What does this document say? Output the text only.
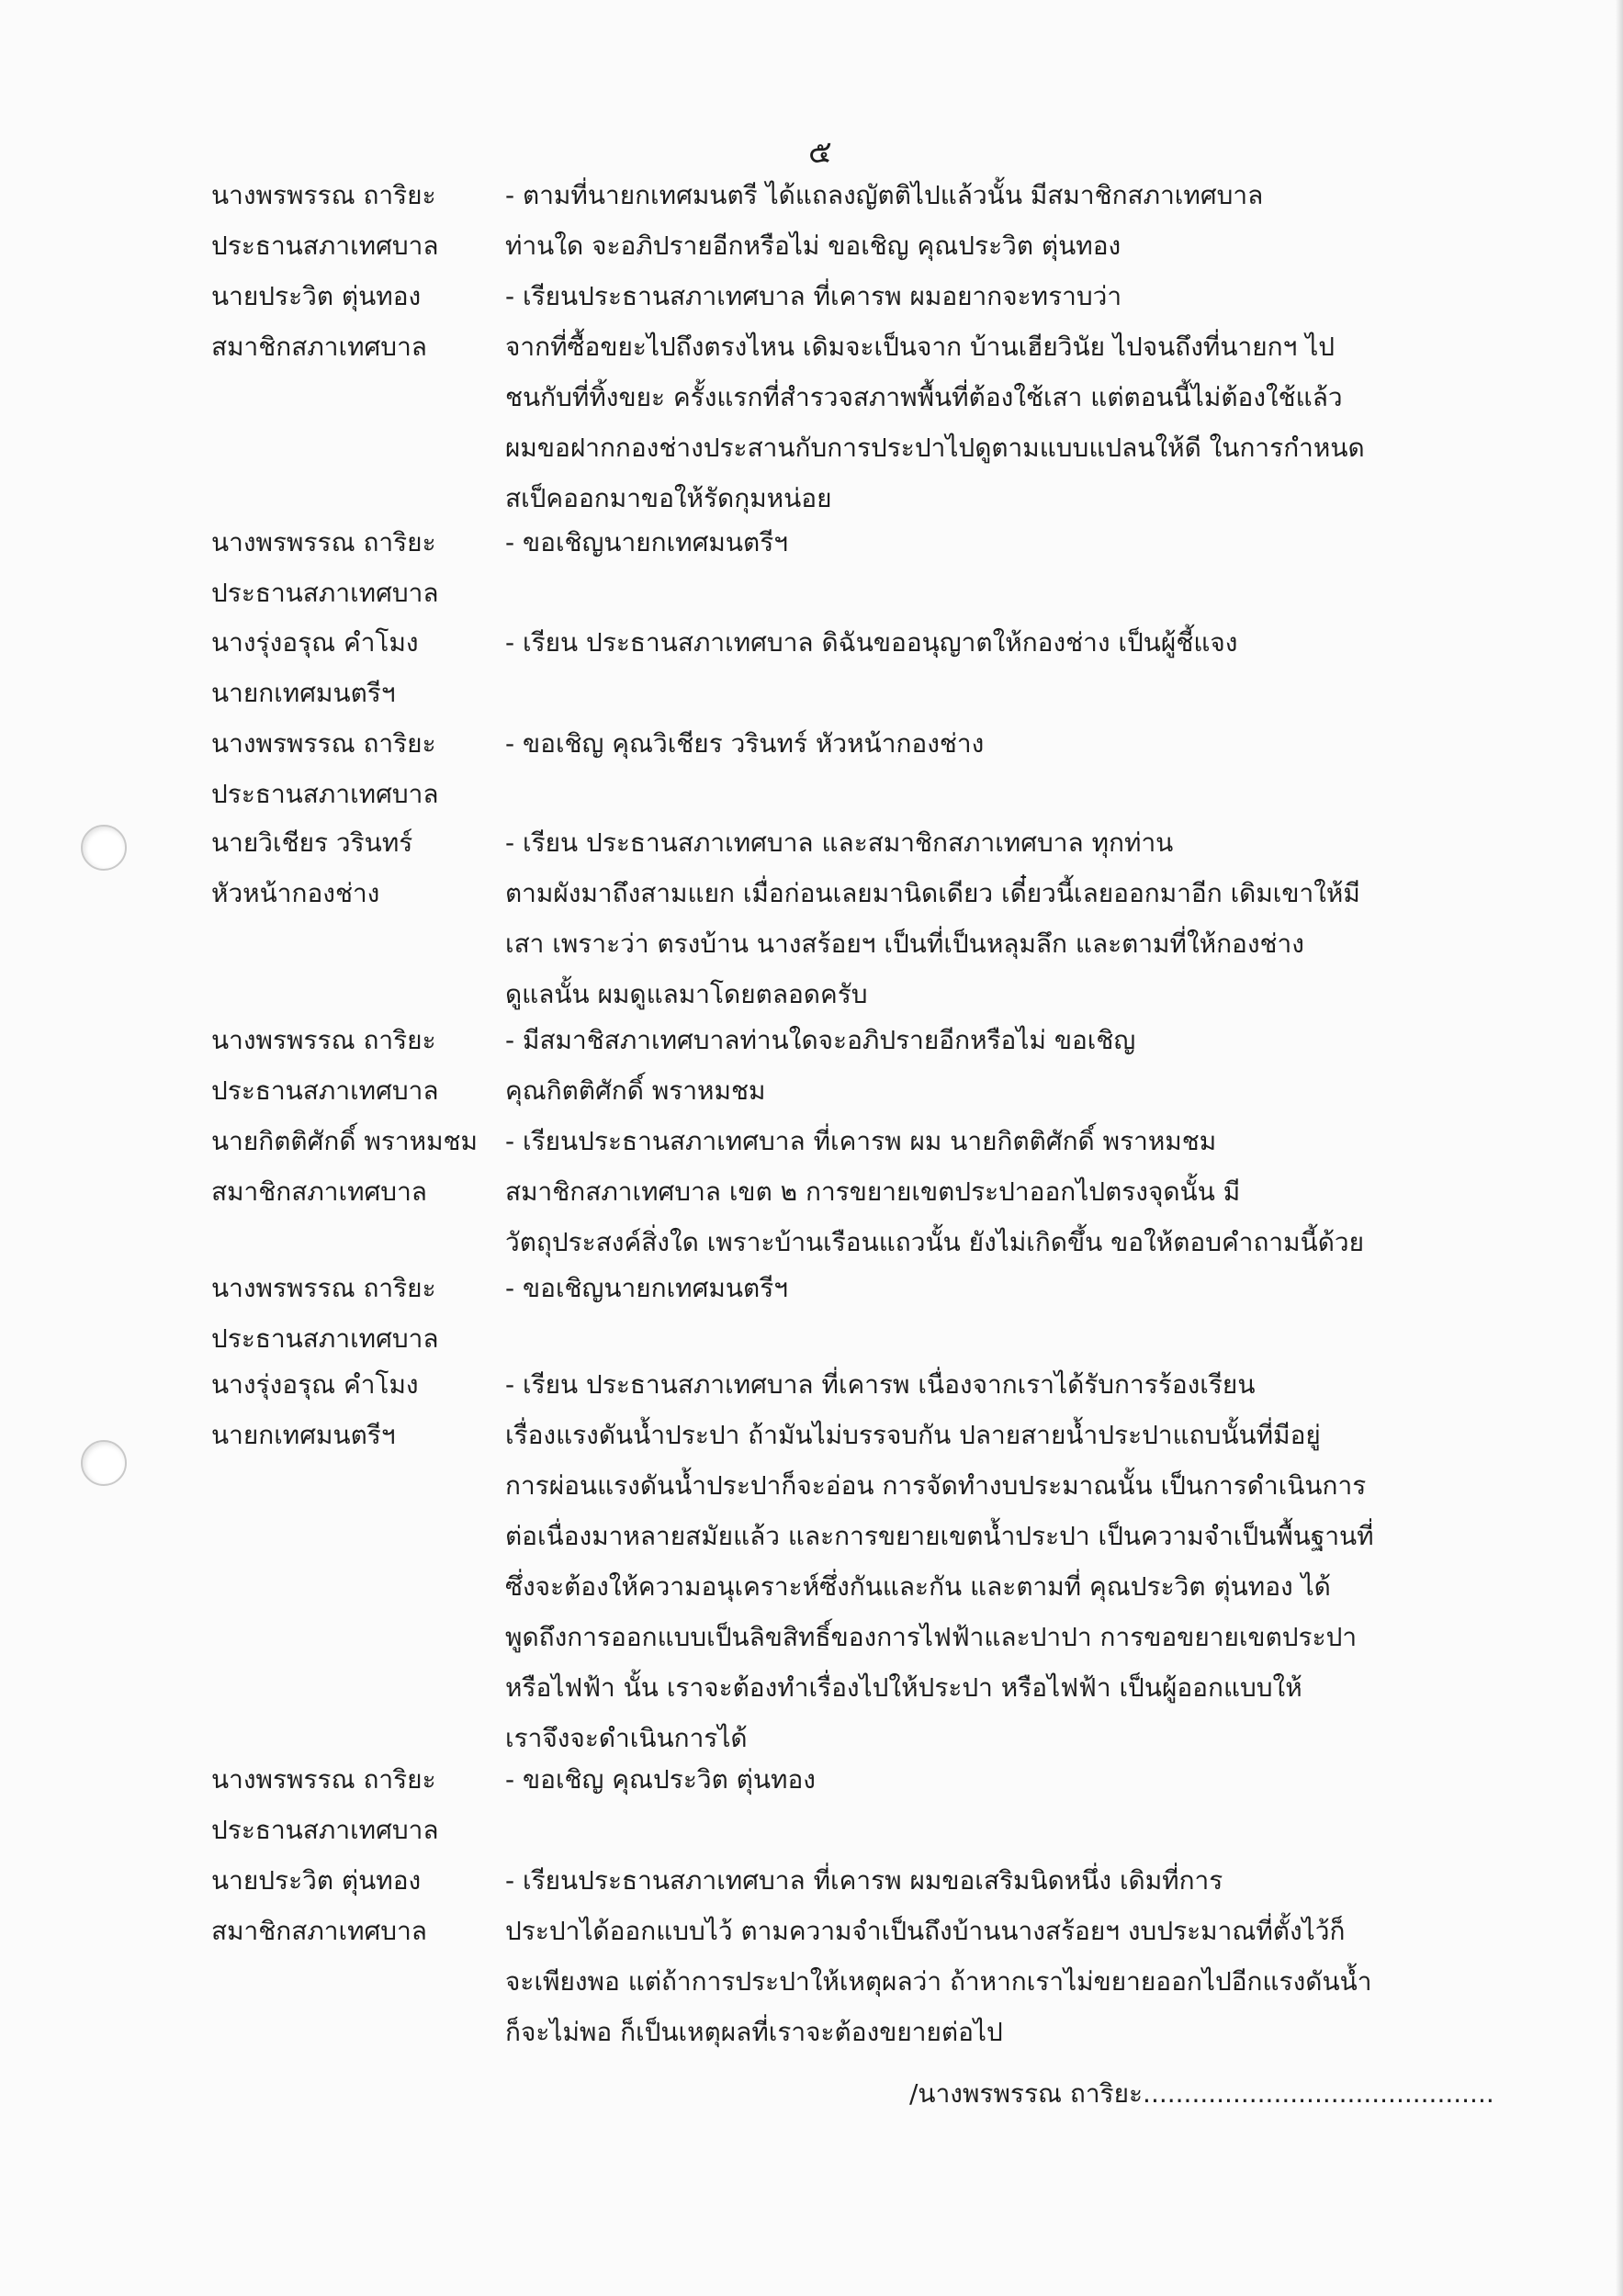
๕
นางพรพรรณ ถาริยะ
ประธานสภาเทศบาล
- ตามที่นายกเทศมนตรี ได้แถลงญัตติไปแล้วนั้น มีสมาชิกสภาเทศบาล
ท่านใด จะอภิปรายอีกหรือไม่ ขอเชิญ คุณประวิต ตุ่นทอง
นายประวิต ตุ่นทอง
สมาชิกสภาเทศบาล
- เรียนประธานสภาเทศบาล ที่เคารพ ผมอยากจะทราบว่า
จากที่ซื้อขยะไปถึงตรงไหน เดิมจะเป็นจาก บ้านเฮียวินัย ไปจนถึงที่นายกฯ ไป
ชนกับที่ทิ้งขยะ ครั้งแรกที่สำรวจสภาพพื้นที่ต้องใช้เสา แต่ตอนนี้ไม่ต้องใช้แล้ว
ผมขอฝากกองช่างประสานกับการประปาไปดูตามแบบแปลนให้ดี ในการกำหนด
สเป็คออกมาขอให้รัดกุมหน่อย
นางพรพรรณ ถาริยะ
ประธานสภาเทศบาล
- ขอเชิญนายกเทศมนตรีฯ
นางรุ่งอรุณ คำโมง
นายกเทศมนตรีฯ
- เรียน ประธานสภาเทศบาล ดิฉันขออนุญาตให้กองช่าง เป็นผู้ชี้แจง
นางพรพรรณ ถาริยะ
ประธานสภาเทศบาล
- ขอเชิญ คุณวิเชียร วรินทร์ หัวหน้ากองช่าง
นายวิเชียร วรินทร์
หัวหน้ากองช่าง
- เรียน ประธานสภาเทศบาล และสมาชิกสภาเทศบาล ทุกท่าน
ตามผังมาถึงสามแยก เมื่อก่อนเลยมานิดเดียว เดี๋ยวนี้เลยออกมาอีก เดิมเขาให้มี
เสา เพราะว่า ตรงบ้าน นางสร้อยฯ เป็นที่เป็นหลุมลึก และตามที่ให้กองช่าง
ดูแลนั้น ผมดูแลมาโดยตลอดครับ
นางพรพรรณ ถาริยะ
ประธานสภาเทศบาล
- มีสมาชิสภาเทศบาลท่านใดจะอภิปรายอีกหรือไม่ ขอเชิญ
คุณกิตติศักดิ์ พราหมชม
นายกิตติศักดิ์ พราหมชม
สมาชิกสภาเทศบาล
- เรียนประธานสภาเทศบาล ที่เคารพ ผม นายกิตติศักดิ์ พราหมชม
สมาชิกสภาเทศบาล เขต ๒ การขยายเขตประปาออกไปตรงจุดนั้น มี
วัตถุประสงค์สิ่งใด เพราะบ้านเรือนแถวนั้น ยังไม่เกิดขึ้น ขอให้ตอบคำถามนี้ด้วย
นางพรพรรณ ถาริยะ
ประธานสภาเทศบาล
- ขอเชิญนายกเทศมนตรีฯ
นางรุ่งอรุณ คำโมง
นายกเทศมนตรีฯ
- เรียน ประธานสภาเทศบาล ที่เคารพ เนื่องจากเราได้รับการร้องเรียน
เรื่องแรงดันน้ำประปา ถ้ามันไม่บรรจบกัน ปลายสายน้ำประปาแถบนั้นที่มีอยู่
การผ่อนแรงดันน้ำประปาก็จะอ่อน การจัดทำงบประมาณนั้น เป็นการดำเนินการ
ต่อเนื่องมาหลายสมัยแล้ว และการขยายเขตน้ำประปา เป็นความจำเป็นพื้นฐานที่
ซึ่งจะต้องให้ความอนุเคราะห์ซึ่งกันและกัน และตามที่ คุณประวิต ตุ่นทอง ได้
พูดถึงการออกแบบเป็นลิขสิทธิ์ของการไฟฟ้าและปาปา การขอขยายเขตประปา
หรือไฟฟ้า นั้น เราจะต้องทำเรื่องไปให้ประปา หรือไฟฟ้า เป็นผู้ออกแบบให้
เราจึงจะดำเนินการได้
นางพรพรรณ ถาริยะ
ประธานสภาเทศบาล
- ขอเชิญ คุณประวิต ตุ่นทอง
นายประวิต ตุ่นทอง
สมาชิกสภาเทศบาล
- เรียนประธานสภาเทศบาล ที่เคารพ ผมขอเสริมนิดหนึ่ง เดิมที่การ
ประปาได้ออกแบบไว้ ตามความจำเป็นถึงบ้านนางสร้อยฯ งบประมาณที่ตั้งไว้ก็
จะเพียงพอ แต่ถ้าการประปาให้เหตุผลว่า ถ้าหากเราไม่ขยายออกไปอีกแรงดันน้ำ
ก็จะไม่พอ ก็เป็นเหตุผลที่เราจะต้องขยายต่อไป
/นางพรพรรณ ถาริยะ...........................................
